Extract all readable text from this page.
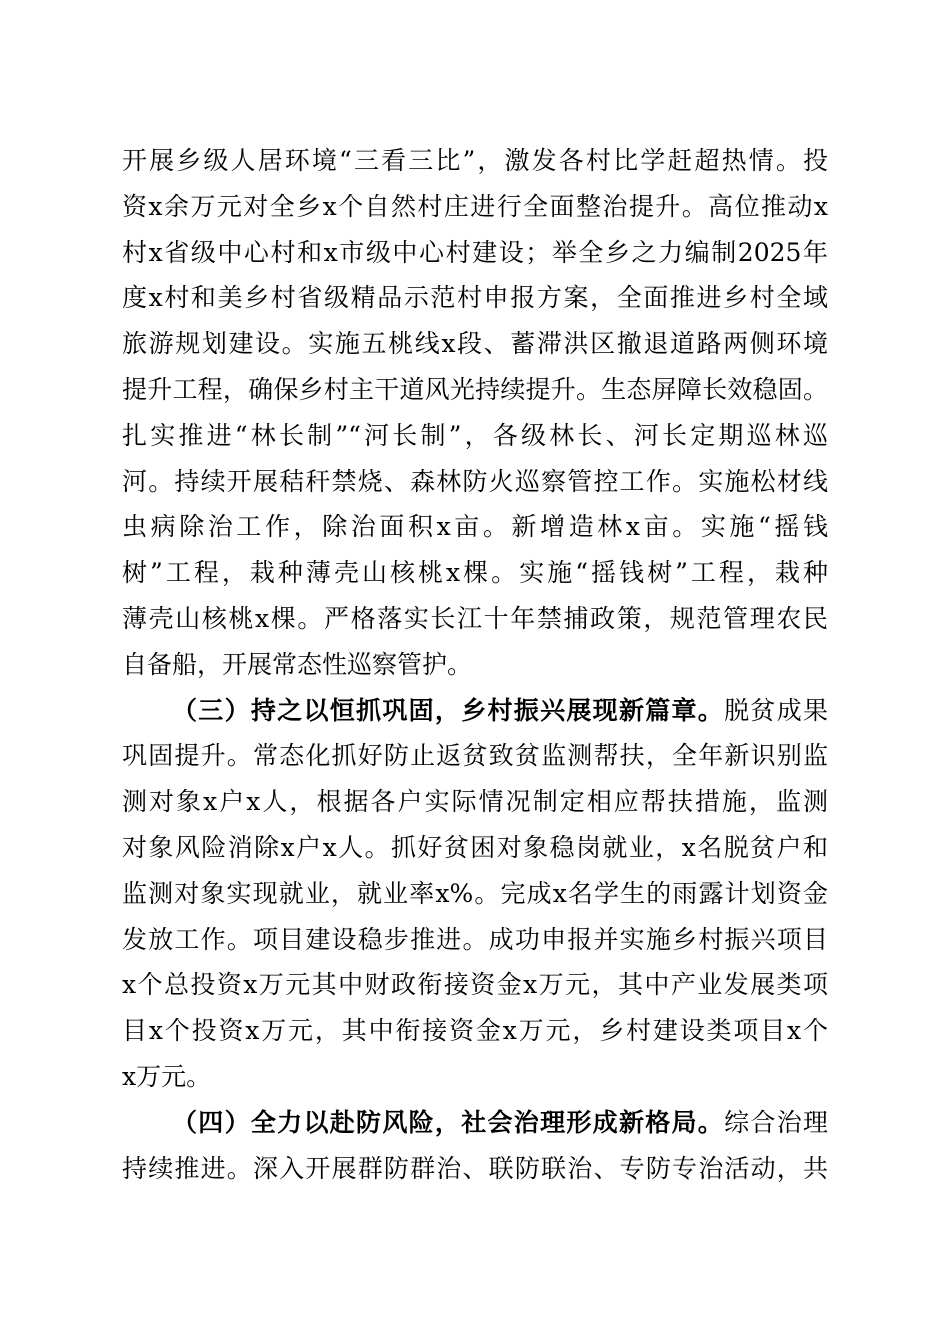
开展乡级人居环境“三看三比”，激发各村比学赶超热情。投
资x余万元对全乡x个自然村庄进行全面整治提升。高位推动x
村x省级中心村和x市级中心村建设；举全乡之力编制2025年
度x村和美乡村省级精品示范村申报方案，全面推进乡村全域
旅游规划建设。实施五桃线x段、蓄滞洪区撤退道路两侧环境
提升工程，确保乡村主干道风光持续提升。生态屏障长效稳固。
扎实推进“林长制”“河长制”，各级林长、河长定期巡林巡
河。持续开展秸秆禁烧、森林防火巡察管控工作。实施松材线
虫病除治工作，除治面积x亩。新增造林x亩。实施“摇钱
树”工程，栽种薄壳山核桃x棵。实施“摇钱树”工程，栽种
薄壳山核桃x棵。严格落实长江十年禁捕政策，规范管理农民
自备船，开展常态性巡察管护。
（三）持之以恒抓巩固，乡村振兴展现新篇章。脱贫成果
巩固提升。常态化抓好防止返贫致贫监测帮扶，全年新识别监
测对象x户x人，根据各户实际情况制定相应帮扶措施，监测
对象风险消除x户x人。抓好贫困对象稳岗就业，x名脱贫户和
监测对象实现就业，就业率x%。完成x名学生的雨露计划资金
发放工作。项目建设稳步推进。成功申报并实施乡村振兴项目
x个总投资x万元其中财政衔接资金x万元，其中产业发展类项
目x个投资x万元，其中衔接资金x万元，乡村建设类项目x个
x万元。
（四）全力以赴防风险，社会治理形成新格局。综合治理
持续推进。深入开展群防群治、联防联治、专防专治活动，共
